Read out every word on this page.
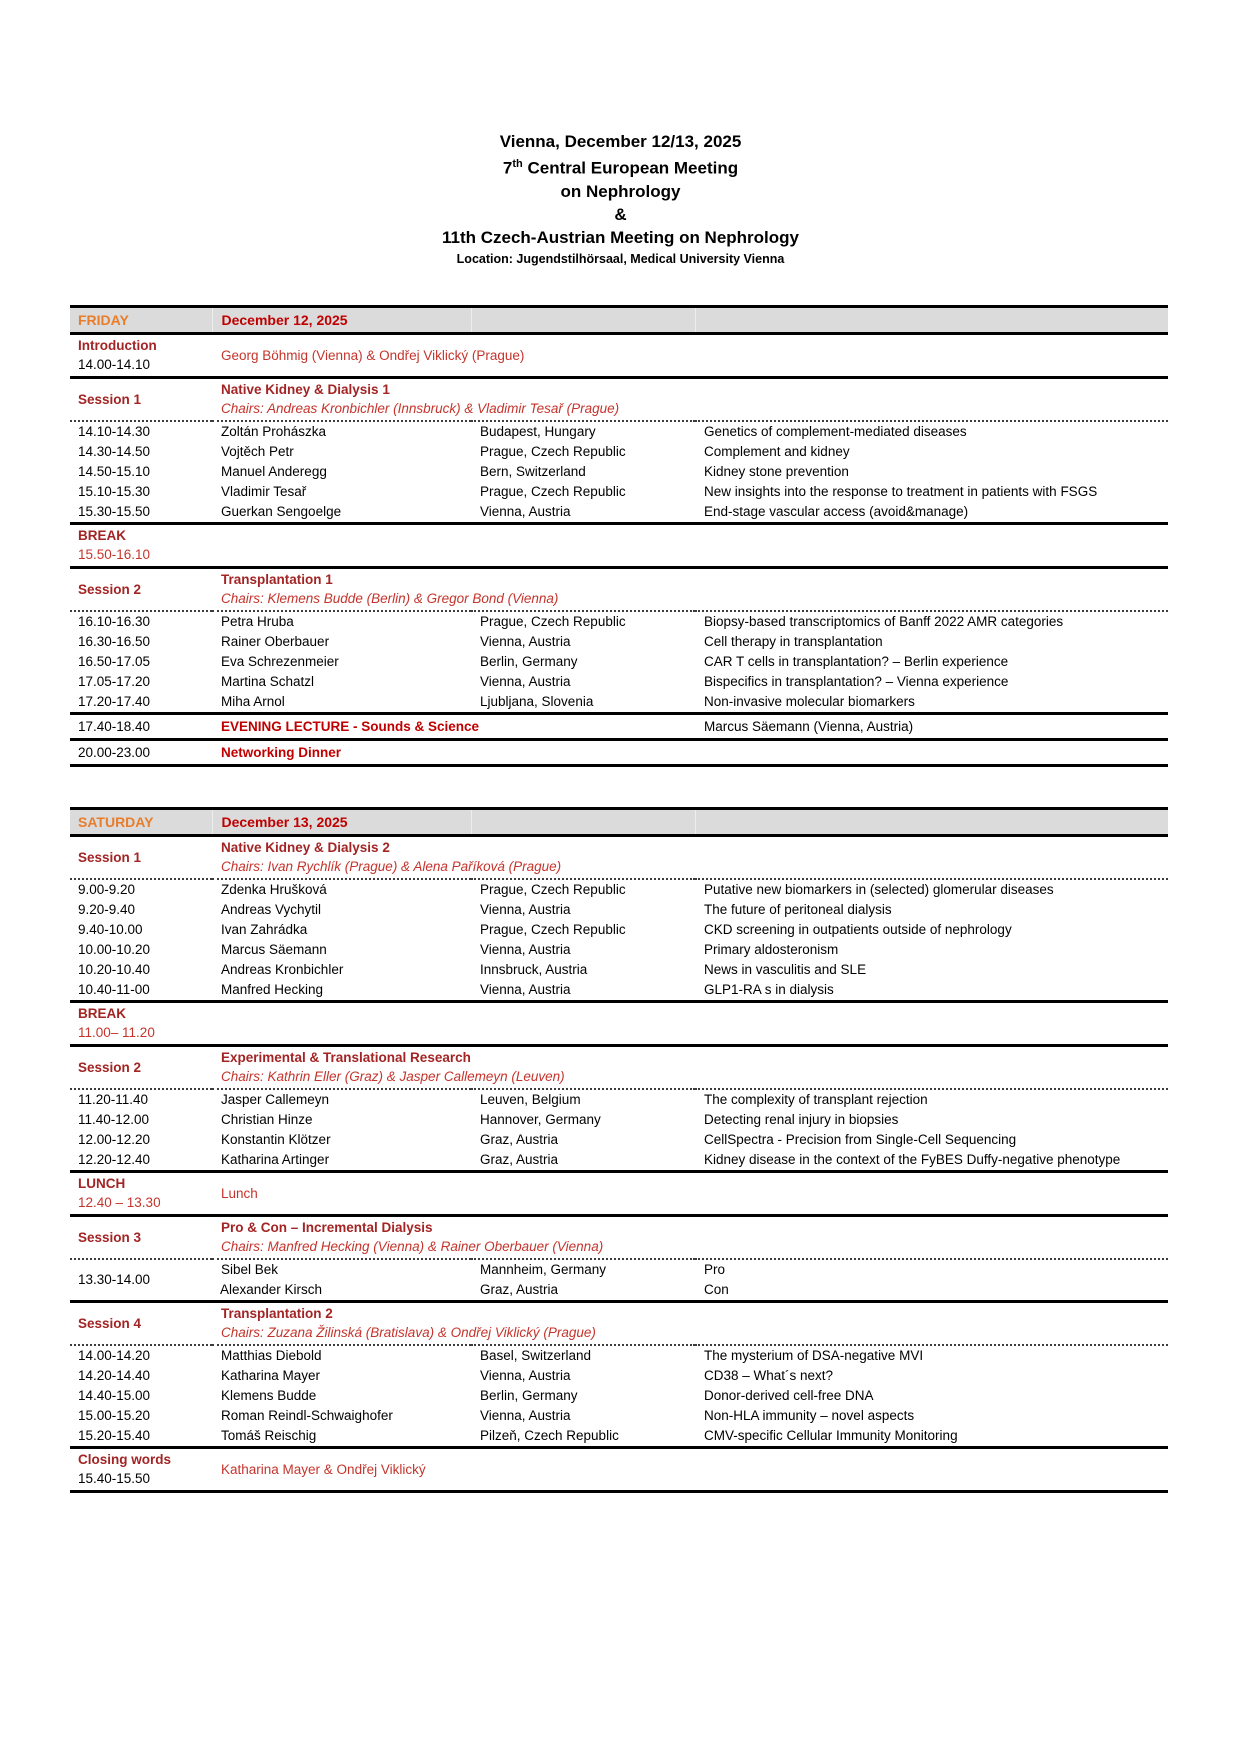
Vienna, December 12/13, 2025
7th Central European Meeting
on Nephrology
&
11th Czech-Austrian Meeting on Nephrology
Location: Jugendstilhörsaal, Medical University Vienna
FRIDAY	December 12, 2025		

Introduction
14.00-14.10	Georg Böhmig (Vienna) & Ondřej Viklický (Prague)		
Session 1	Native Kidney & Dialysis 1
Chairs: Andreas Kronbichler (Innsbruck) & Vladimir Tesař (Prague)		

14.10-14.30	Zoltán Prohászka	Budapest, Hungary	Genetics of complement-mediated diseases
14.30-14.50	Vojtěch Petr	Prague, Czech Republic	Complement and kidney
14.50-15.10	Manuel Anderegg	Bern, Switzerland	Kidney stone prevention
15.10-15.30	Vladimir Tesař	Prague, Czech Republic	New insights into the response to treatment in patients with FSGS
15.30-15.50	Guerkan Sengoelge	Vienna, Austria	End-stage vascular access (avoid&manage)

BREAK
15.50-16.10			

Session 2	Transplantation 1
Chairs: Klemens Budde (Berlin) & Gregor Bond (Vienna)		

16.10-16.30	Petra Hruba	Prague, Czech Republic	Biopsy-based transcriptomics of Banff 2022 AMR categories
16.30-16.50	Rainer Oberbauer	Vienna, Austria	Cell therapy in transplantation
16.50-17.05	Eva Schrezenmeier	Berlin, Germany	CAR T cells in transplantation? – Berlin experience
17.05-17.20	Martina Schatzl	Vienna, Austria	Bispecifics in transplantation? – Vienna experience
17.20-17.40	Miha Arnol	Ljubljana, Slovenia	Non-invasive molecular biomarkers
17.40-18.40	EVENING LECTURE - Sounds & Science		Marcus Säemann (Vienna, Austria)
20.00-23.00	Networking Dinner		
SATURDAY	December 13, 2025		
Session 1	Native Kidney & Dialysis 2
Chairs: Ivan Rychlík (Prague) & Alena Paříková (Prague)		

9.00-9.20	Zdenka Hrušková	Prague, Czech Republic	Putative new biomarkers in (selected) glomerular diseases
9.20-9.40	Andreas Vychytil	Vienna, Austria	The future of peritoneal dialysis
9.40-10.00	Ivan Zahrádka	Prague, Czech Republic	CKD screening in outpatients outside of nephrology
10.00-10.20	Marcus Säemann	Vienna, Austria	Primary aldosteronism
10.20-10.40	Andreas Kronbichler	Innsbruck, Austria	News in vasculitis and SLE
10.40-11-00	Manfred Hecking	Vienna, Austria	GLP1-RA s in dialysis

BREAK
11.00– 11.20			

Session 2	Experimental & Translational Research
Chairs: Kathrin Eller (Graz) & Jasper Callemeyn (Leuven)		

11.20-11.40	Jasper Callemeyn	Leuven, Belgium	The complexity of transplant rejection
11.40-12.00	Christian Hinze	Hannover, Germany	Detecting renal injury in biopsies
12.00-12.20	Konstantin Klötzer	Graz, Austria	CellSpectra - Precision from Single-Cell Sequencing
12.20-12.40	Katharina Artinger	Graz, Austria	Kidney disease in the context of the FyBES Duffy-negative phenotype

LUNCH
12.40 – 13.30	Lunch		
Session 3	Pro & Con – Incremental Dialysis
Chairs: Manfred Hecking (Vienna) & Rainer Oberbauer (Vienna)		

13.30-14.00	Sibel Bek	Mannheim, Germany	Pro
	Alexander Kirsch	Graz, Austria	Con
Session 4	Transplantation 2
Chairs: Zuzana Žilinská (Bratislava) & Ondřej Viklický (Prague)		

14.00-14.20	Matthias Diebold	Basel, Switzerland	The mysterium of DSA-negative MVI
14.20-14.40	Katharina Mayer	Vienna, Austria	CD38 – What´s next?
14.40-15.00	Klemens Budde	Berlin, Germany	Donor-derived cell-free DNA
15.00-15.20	Roman Reindl-Schwaighofer	Vienna, Austria	Non-HLA immunity – novel aspects
15.20-15.40	Tomáš Reischig	Pilzeň, Czech Republic	CMV-specific Cellular Immunity Monitoring

Closing words
15.40-15.50	Katharina Mayer & Ondřej Viklický		
